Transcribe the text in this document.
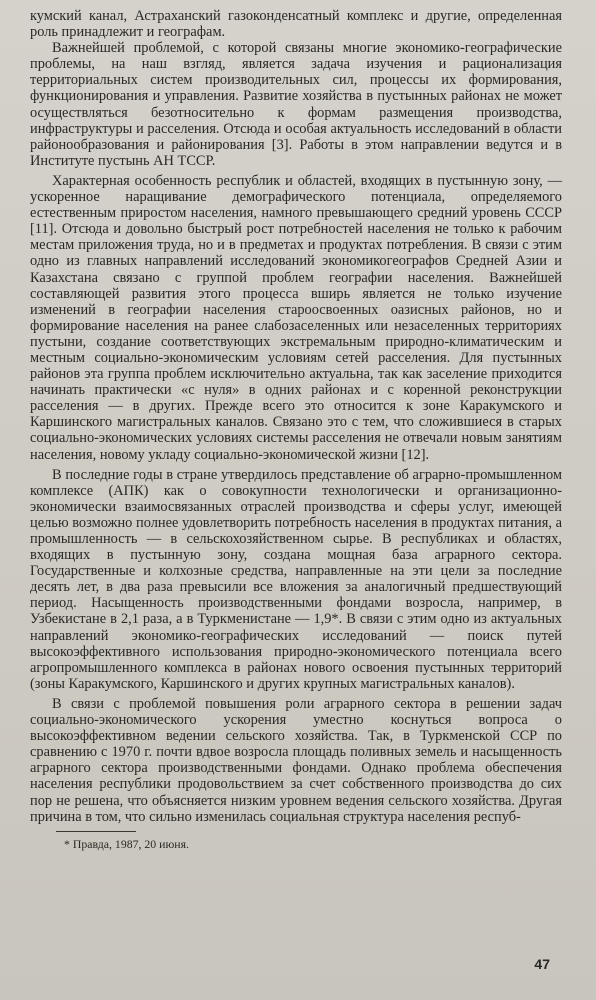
кумский канал, Астраханский газоконденсатный комплекс и другие, определенная роль принадлежит и географам.

Важнейшей проблемой, с которой связаны многие экономико-географические проблемы, на наш взгляд, является задача изучения и рационализация территориальных систем производительных сил, процессы их формирования, функционирования и управления. Развитие хозяйства в пустынных районах не может осуществляться безотносительно к формам размещения производства, инфраструктуры и расселения. Отсюда и особая актуальность исследований в области районообразования и районирования [3]. Работы в этом направлении ведутся и в Институте пустынь АН ТССР.

Характерная особенность республик и областей, входящих в пустынную зону, — ускоренное наращивание демографического потенциала, определяемого естественным приростом населения, намного превышающего средний уровень СССР [11]. Отсюда и довольно быстрый рост потребностей населения не только к рабочим местам приложения труда, но и в предметах и продуктах потребления. В связи с этим одно из главных направлений исследований экономикогеографов Средней Азии и Казахстана связано с группой проблем географии населения. Важнейшей составляющей развития этого процесса вширь является не только изучение изменений в географии населения староосвоенных оазисных районов, но и формирование населения на ранее слабозаселенных или незаселенных территориях пустыни, создание соответствующих экстремальным природно-климатическим и местным социально-экономическим условиям сетей расселения. Для пустынных районов эта группа проблем исключительно актуальна, так как заселение приходится начинать практически «с нуля» в одних районах и с коренной реконструкции расселения — в других. Прежде всего это относится к зоне Каракумского и Каршинского магистральных каналов. Связано это с тем, что сложившиеся в старых социально-экономических условиях системы расселения не отвечали новым занятиям населения, новому укладу социально-экономической жизни [12].

В последние годы в стране утвердилось представление об аграрно-промышленном комплексе (АПК) как о совокупности технологически и организационно-экономически взаимосвязанных отраслей производства и сферы услуг, имеющей целью возможно полнее удовлетворить потребность населения в продуктах питания, а промышленность — в сельскохозяйственном сырье. В республиках и областях, входящих в пустынную зону, создана мощная база аграрного сектора. Государственные и колхозные средства, направленные на эти цели за последние десять лет, в два раза превысили все вложения за аналогичный предшествующий период. Насыщенность производственными фондами возросла, например, в Узбекистане в 2,1 раза, а в Туркменистане — 1,9*. В связи с этим одно из актуальных направлений экономико-географических исследований — поиск путей высокоэффективного использования природно-экономического потенциала всего агропромышленного комплекса в районах нового освоения пустынных территорий (зоны Каракумского, Каршинского и других крупных магистральных каналов).

В связи с проблемой повышения роли аграрного сектора в решении задач социально-экономического ускорения уместно коснуться вопроса о высокоэффективном ведении сельского хозяйства. Так, в Туркменской ССР по сравнению с 1970 г. почти вдвое возросла площадь поливных земель и насыщенность аграрного сектора производственными фондами. Однако проблема обеспечения населения республики продовольствием за счет собственного производства до сих пор не решена, что объясняется низким уровнем ведения сельского хозяйства. Другая причина в том, что сильно изменилась социальная структура населения респуб-

* Правда, 1987, 20 июня.
47
